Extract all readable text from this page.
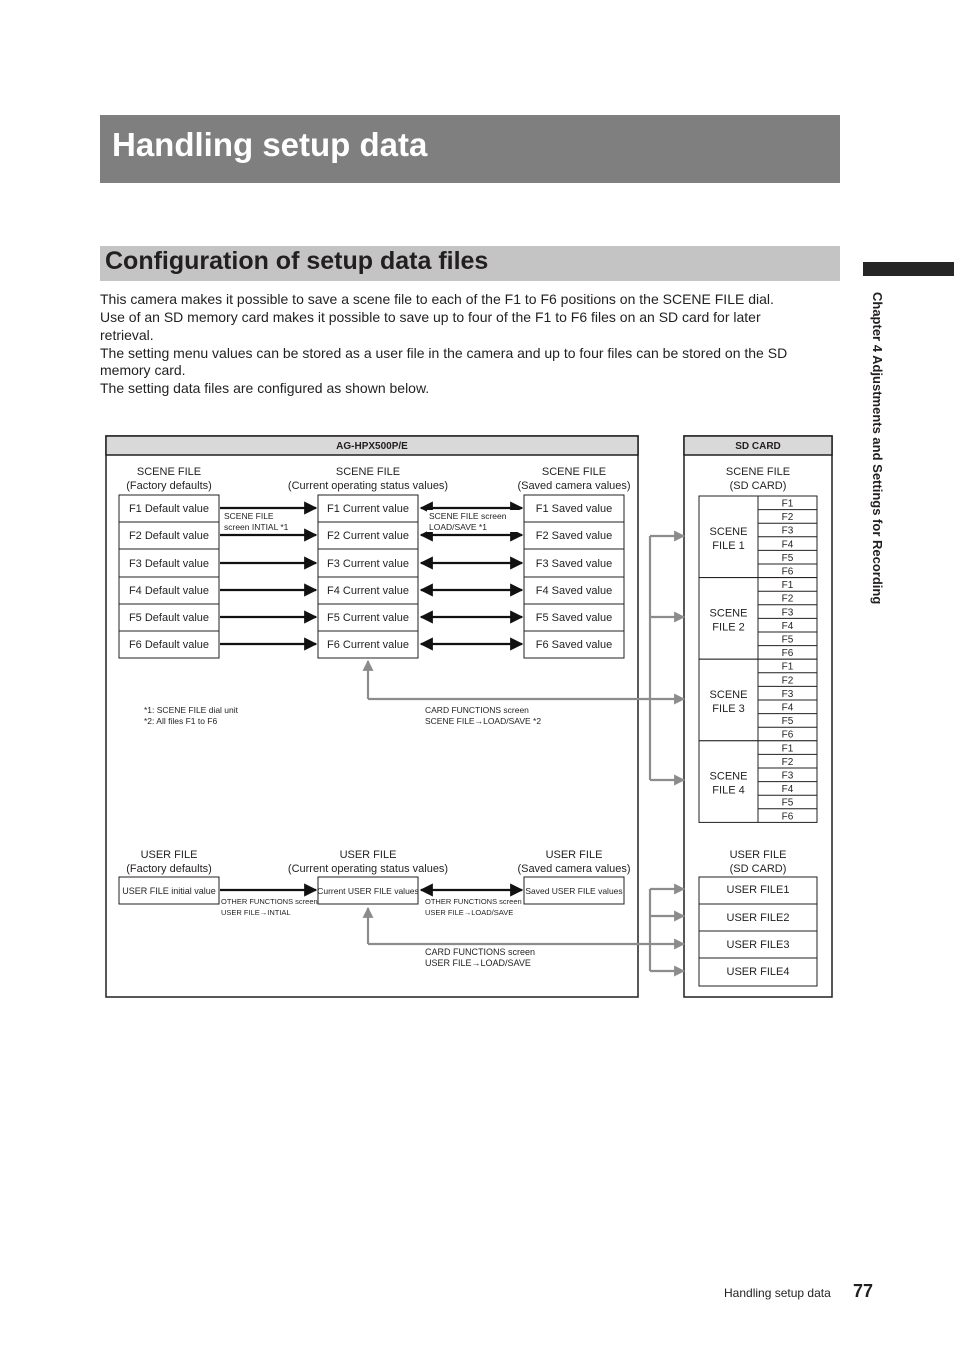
Handling setup data
Configuration of setup data files
This camera makes it possible to save a scene file to each of the F1 to F6 positions on the SCENE FILE dial.
Use of an SD memory card makes it possible to save up to four of the F1 to F6 files on an SD card for later
retrieval.
The setting menu values can be stored as a user file in the camera and up to four files can be stored on the SD
memory card.
The setting data files are configured as shown below.	Chapter 4 Adjustments and Settings for Recording
AG-HPX500P/E	SD CARD
SCENE FILE
(Factory defaults)
SCENE FILE
(Current operating status values)
SCENE FILE
(Saved camera values)
F1 Default value
F2 Default value
F3 Default value
F4 Default value
F5 Default value
F6 Default value
F1 Current value
F2 Current value
F3 Current value
F4 Current value
F5 Current value
F6 Current value
F1 Saved value
F2 Saved value
F3 Saved value
F4 Saved value
F5 Saved value
F6 Saved value
SCENE FILE
screen INTIAL *1
SCENE FILE screen
LOAD/SAVE *1
*1: SCENE FILE dial unit
*2: All files F1 to F6
CARD FUNCTIONS screen
SCENE FILE→LOAD/SAVE *2
SCENE FILE
(SD CARD)
SCENE
FILE 1
F1
F2
F3
F4
F5
F6
SCENE
FILE 2
F1
F2
F3
F4
F5
F6
SCENE
FILE 3
F1
F2
F3
F4
F5
F6
SCENE
FILE 4
F1
F2
F3
F4
F5
F6
USER FILE
(Factory defaults)
USER FILE
(Current operating status values)
USER FILE
(Saved camera values)
USER FILE initial value	Current USER FILE values	Saved USER FILE values
OTHER FUNCTIONS screen
USER FILE→INTIAL
OTHER FUNCTIONS screen
USER FILE→LOAD/SAVE
CARD FUNCTIONS screen
USER FILE→LOAD/SAVE
USER FILE
(SD CARD)
USER FILE1
USER FILE2
USER FILE3
USER FILE4
Handling setup data 77
